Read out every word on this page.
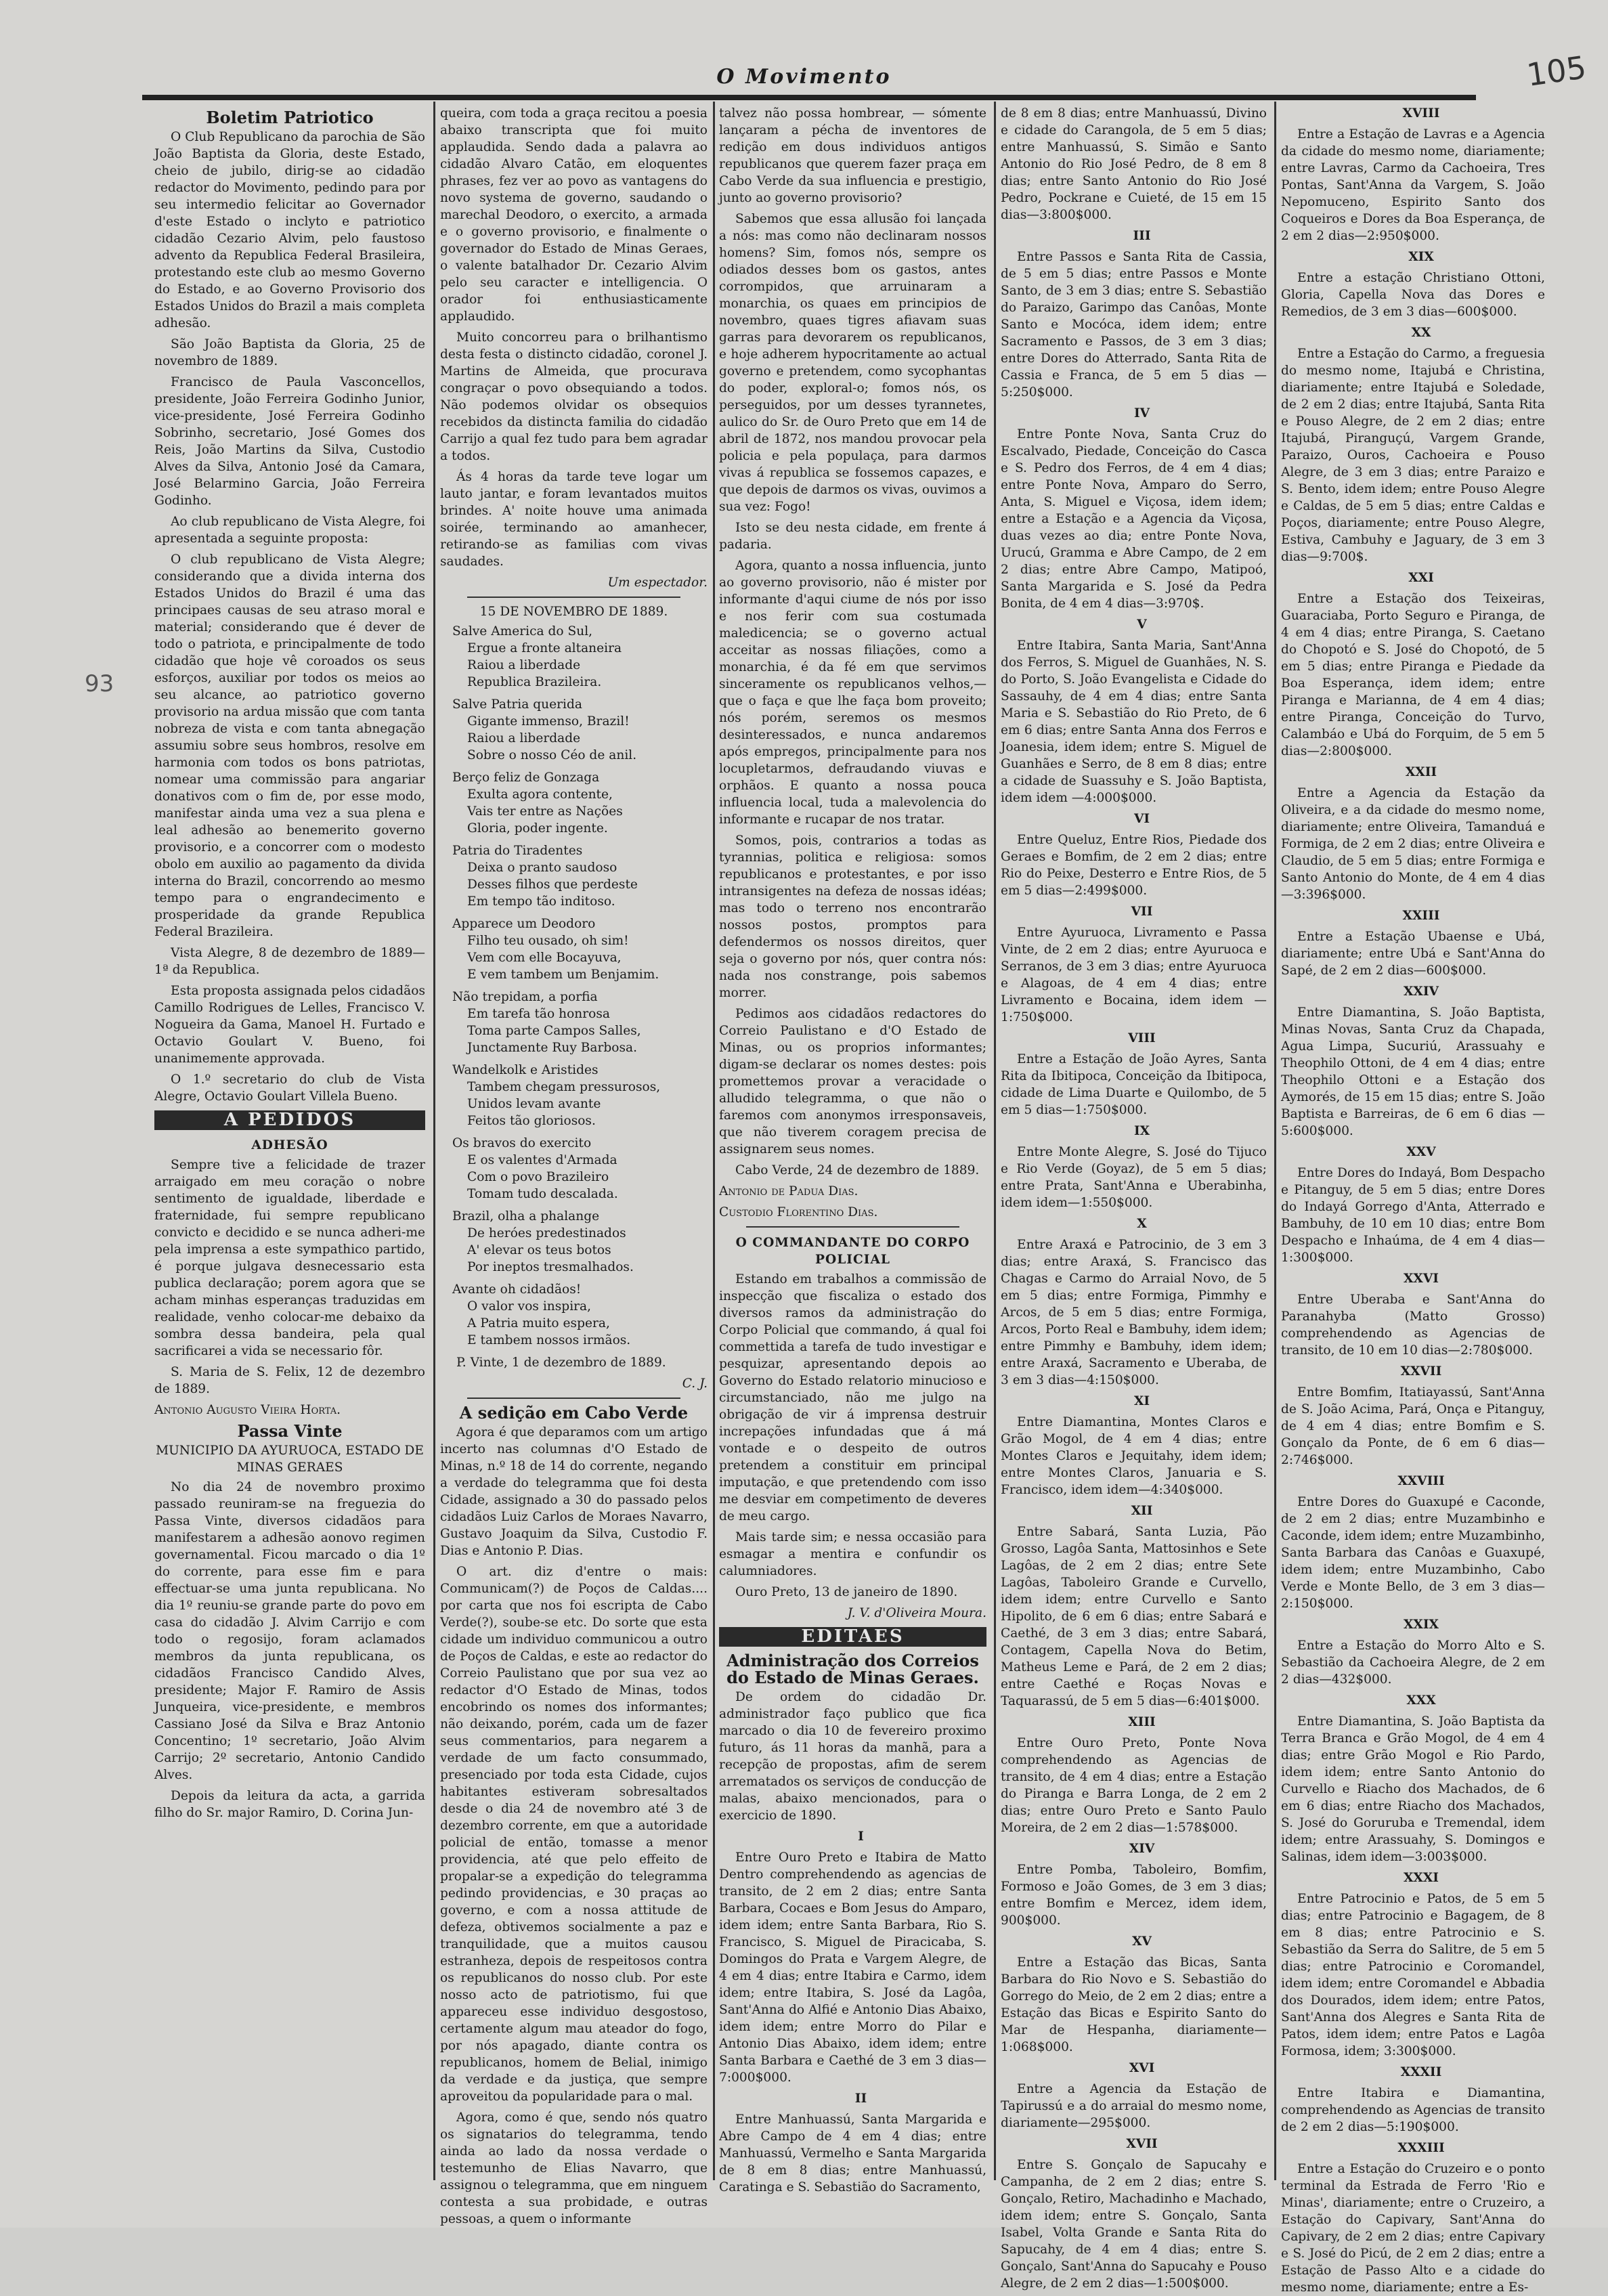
O Movimento	105
93
Boletim Patriotico

O Club Republicano da parochia de São João Baptista da Gloria, deste Estado, cheio de jubilo, dirig-se ao cidadão redactor do Movimento, pedindo para por seu intermedio felicitar ao Governador d'este Estado o inclyto e patriotico cidadão Cezario Alvim, pelo faustoso advento da Republica Federal Brasileira, protestando este club ao mesmo Governo do Estado, e ao Governo Provisorio dos Estados Unidos do Brazil a mais completa adhesão.

São João Baptista da Gloria, 25 de novembro de 1889.

Francisco de Paula Vasconcellos, presidente, João Ferreira Godinho Junior, vice-presidente, José Ferreira Godinho Sobrinho, secretario, José Gomes dos Reis, João Martins da Silva, Custodio Alves da Silva, Antonio José da Camara, José Belarmino Garcia, João Ferreira Godinho.

Ao club republicano de Vista Alegre, foi apresentada a seguinte proposta:

O club republicano de Vista Alegre; considerando que a divida interna dos Estados Unidos do Brazil é uma das principaes causas de seu atraso moral e material; considerando que é dever de todo o patriota, e principalmente de todo cidadão que hoje vê coroados os seus esforços, auxiliar por todos os meios ao seu alcance, ao patriotico governo provisorio na ardua missão que com tanta nobreza de vista e com tanta abnegação assumiu sobre seus hombros, resolve em harmonia com todos os bons patriotas, nomear uma commissão para angariar donativos com o fim de, por esse modo, manifestar ainda uma vez a sua plena e leal adhesão ao benemerito governo provisorio, e a concorrer com o modesto obolo em auxilio ao pagamento da divida interna do Brazil, concorrendo ao mesmo tempo para o engrandecimento e prosperidade da grande Republica Federal Brazileira.

Vista Alegre, 8 de dezembro de 1889—1ª da Republica.

Esta proposta assignada pelos cidadãos Camillo Rodrigues de Lelles, Francisco V. Nogueira da Gama, Manoel H. Furtado e Octavio Goulart V. Bueno, foi unanimemente approvada.

O 1.º secretario do club de Vista Alegre, Octavio Goulart Villela Bueno.

A PEDIDOS
ADHESÃO

Sempre tive a felicidade de trazer arraigado em meu coração o nobre sentimento de igualdade, liberdade e fraternidade, fui sempre republicano convicto e decidido e se nunca adheri-me pela imprensa a este sympathico partido, é porque julgava desnecessario esta publica declaração; porem agora que se acham minhas esperanças traduzidas em realidade, venho colocar-me debaixo da sombra dessa bandeira, pela qual sacrificarei a vida se necessario fôr.

S. Maria de S. Felix, 12 de dezembro de 1889.

Antonio Augusto Vieira Horta.

Passa Vinte
MUNICIPIO DA AYURUOCA, ESTADO DE MINAS GERAES

No dia 24 de novembro proximo passado reuniram-se na freguezia do Passa Vinte, diversos cidadãos para manifestarem a adhesão aonovo regimen governamental. Ficou marcado o dia 1º do corrente, para esse fim e para effectuar-se uma junta republicana. No dia 1º reuniu-se grande parte do povo em casa do cidadão J. Alvim Carrijo e com todo o regosijo, foram aclamados membros da junta republicana, os cidadãos Francisco Candido Alves, presidente; Major F. Ramiro de Assis Junqueira, vice-presidente, e membros Cassiano José da Silva e Braz Antonio Concentino; 1º secretario, João Alvim Carrijo; 2º secretario, Antonio Candido Alves.

Depois da leitura da acta, a garrida filho do Sr. major Ramiro, D. Corina Jun-

queira, com toda a graça recitou a poesia abaixo transcripta que foi muito applaudida. Sendo dada a palavra ao cidadão Alvaro Catão, em eloquentes phrases, fez ver ao povo as vantagens do novo systema de governo, saudando o marechal Deodoro, o exercito, a armada e o governo provisorio, e finalmente o governador do Estado de Minas Geraes, o valente batalhador Dr. Cezario Alvim pelo seu caracter e intelligencia. O orador foi enthusiasticamente applaudido.

Muito concorreu para o brilhantismo desta festa o distincto cidadão, coronel J. Martins de Almeida, que procurava congraçar o povo obsequiando a todos. Não podemos olvidar os obsequios recebidos da distincta familia do cidadão Carrijo a qual fez tudo para bem agradar a todos.

Ás 4 horas da tarde teve logar um lauto jantar, e foram levantados muitos brindes. A' noite houve uma animada soirée, terminando ao amanhecer, retirando-se as familias com vivas saudades.

Um espectador.

15 DE NOVEMBRO DE 1889.
Salve America do Sul,
Ergue a fronte altaneira
Raiou a liberdade
Republica Brazileira.
Salve Patria querida
Gigante immenso, Brazil!
Raiou a liberdade
Sobre o nosso Céo de anil.
Berço feliz de Gonzaga
Exulta agora contente,
Vais ter entre as Nações
Gloria, poder ingente.
Patria do Tiradentes
Deixa o pranto saudoso
Desses filhos que perdeste
Em tempo tão inditoso.
Apparece um Deodoro
Filho teu ousado, oh sim!
Vem com elle Bocayuva,
E vem tambem um Benjamim.
Não trepidam, a porfia
Em tarefa tão honrosa
Toma parte Campos Salles,
Junctamente Ruy Barbosa.
Wandelkolk e Aristides
Tambem chegam pressurosos,
Unidos levam avante
Feitos tão gloriosos.
Os bravos do exercito
E os valentes d'Armada
Com o povo Brazileiro
Tomam tudo descalada.
Brazil, olha a phalange
De heróes predestinados
A' elevar os teus botos
Por ineptos tresmalhados.
Avante oh cidadãos!
O valor vos inspira,
A Patria muito espera,
E tambem nossos irmãos.

P. Vinte, 1 de dezembro de 1889.

C. J.

A sedição em Cabo Verde

Agora é que deparamos com um artigo incerto nas columnas d'O Estado de Minas, n.º 18 de 14 do corrente, negando a verdade do telegramma que foi desta Cidade, assignado a 30 do passado pelos cidadãos Luiz Carlos de Moraes Navarro, Gustavo Joaquim da Silva, Custodio F. Dias e Antonio P. Dias.

O art. diz d'entre o mais: Communicam(?) de Poços de Caldas.... por carta que nos foi escripta de Cabo Verde(?), soube-se etc. Do sorte que esta cidade um individuo communicou a outro de Poços de Caldas, e este ao redactor do Correio Paulistano que por sua vez ao redactor d'O Estado de Minas, todos encobrindo os nomes dos informantes; não deixando, porém, cada um de fazer seus commentarios, para negarem a verdade de um facto consummado, presenciado por toda esta Cidade, cujos habitantes estiveram sobresaltados desde o dia 24 de novembro até 3 de dezembro corrente, em que a autoridade policial de então, tomasse a menor providencia, até que pelo effeito de propalar-se a expedição do telegramma pedindo providencias, e 30 praças ao governo, e com a nossa attitude de defeza, obtivemos socialmente a paz e tranquilidade, que a muitos causou estranheza, depois de respeitosos contra os republicanos do nosso club. Por este nosso acto de patriotismo, fui que appareceu esse individuo desgostoso, certamente algum mau ateador do fogo, por nós apagado, diante contra os republicanos, homem de Belial, inimigo da verdade e da justiça, que sempre aproveitou da popularidade para o mal.

Agora, como é que, sendo nós quatro os signatarios do telegramma, tendo ainda ao lado da nossa verdade o testemunho de Elias Navarro, que assignou o telegramma, que em ninguem contesta a sua probidade, e outras pessoas, a quem o informante

talvez não possa hombrear, — sómente lançaram a pécha de inventores de redição em dous individuos antigos republicanos que querem fazer praça em Cabo Verde da sua influencia e prestigio, junto ao governo provisorio?

Sabemos que essa allusão foi lançada a nós: mas como não declinaram nossos homens? Sim, fomos nós, sempre os odiados desses bom os gastos, antes corrompidos, que arruinaram a monarchia, os quaes em principios de novembro, quaes tigres afiavam suas garras para devorarem os republicanos, e hoje adherem hypocritamente ao actual governo e pretendem, como sycophantas do poder, exploral-o; fomos nós, os perseguidos, por um desses tyrannetes, aulico do Sr. de Ouro Preto que em 14 de abril de 1872, nos mandou provocar pela policia e pela populaça, para darmos vivas á republica se fossemos capazes, e que depois de darmos os vivas, ouvimos a sua vez: Fogo!

Isto se deu nesta cidade, em frente á padaria.

Agora, quanto a nossa influencia, junto ao governo provisorio, não é mister por informante d'aqui ciume de nós por isso e nos ferir com sua costumada maledicencia; se o governo actual acceitar as nossas filiações, como a monarchia, é da fé em que servimos sinceramente os republicanos velhos,— que o faça e que lhe faça bom proveito; nós porém, seremos os mesmos desinteressados, e nunca andaremos após empregos, principalmente para nos locupletarmos, defraudando viuvas e orphãos. E quanto a nossa pouca influencia local, tuda a malevolencia do informante e rucapar de nos tratar.

Somos, pois, contrarios a todas as tyrannias, politica e religiosa: somos republicanos e protestantes, e por isso intransigentes na defeza de nossas idéas; mas todo o terreno nos encontrarão nossos postos, promptos para defendermos os nossos direitos, quer seja o governo por nós, quer contra nós: nada nos constrange, pois sabemos morrer.

Pedimos aos cidadãos redactores do Correio Paulistano e d'O Estado de Minas, ou os proprios informantes; digam-se declarar os nomes destes: pois promettemos provar a veracidade o alludido telegramma, o que não o faremos com anonymos irresponsaveis, que não tiverem coragem precisa de assignarem seus nomes.

Cabo Verde, 24 de dezembro de 1889.

Antonio de Padua Dias.

Custodio Florentino Dias.

O COMMANDANTE DO CORPO POLICIAL

Estando em trabalhos a commissão de inspecção que fiscaliza o estado dos diversos ramos da administração do Corpo Policial que commando, á qual foi commettida a tarefa de tudo investigar e pesquizar, apresentando depois ao Governo do Estado relatorio minucioso e circumstanciado, não me julgo na obrigação de vir á imprensa destruir increpações infundadas que á má vontade e o despeito de outros pretendem a constituir em principal imputação, e que pretendendo com isso me desviar em competimento de deveres de meu cargo.

Mais tarde sim; e nessa occasião para esmagar a mentira e confundir os calumniadores.

Ouro Preto, 13 de janeiro de 1890.

J. V. d'Oliveira Moura.

EDITAES
Administração dos Correios do Estado de Minas Geraes.

De ordem do cidadão Dr. administrador faço publico que fica marcado o dia 10 de fevereiro proximo futuro, ás 11 horas da manhã, para a recepção de propostas, afim de serem arrematados os serviços de conducção de malas, abaixo mencionados, para o exercicio de 1890.

I

Entre Ouro Preto e Itabira de Matto Dentro comprehendendo as agencias de transito, de 2 em 2 dias; entre Santa Barbara, Cocaes e Bom Jesus do Amparo, idem idem; entre Santa Barbara, Rio S. Francisco, S. Miguel de Piracicaba, S. Domingos do Prata e Vargem Alegre, de 4 em 4 dias; entre Itabira e Carmo, idem idem; entre Itabira, S. José da Lagôa, Sant'Anna do Alfié e Antonio Dias Abaixo, idem idem; entre Morro do Pilar e Antonio Dias Abaixo, idem idem; entre Santa Barbara e Caethé de 3 em 3 dias—7:000$000.

II

Entre Manhuassú, Santa Margarida e Abre Campo de 4 em 4 dias; entre Manhuassú, Vermelho e Santa Margarida de 8 em 8 dias; entre Manhuassú, Caratinga e S. Sebastião do Sacramento,

de 8 em 8 dias; entre Manhuassú, Divino e cidade do Carangola, de 5 em 5 dias; entre Manhuassú, S. Simão e Santo Antonio do Rio José Pedro, de 8 em 8 dias; entre Santo Antonio do Rio José Pedro, Pockrane e Cuieté, de 15 em 15 dias—3:800$000.

III

Entre Passos e Santa Rita de Cassia, de 5 em 5 dias; entre Passos e Monte Santo, de 3 em 3 dias; entre S. Sebastião do Paraizo, Garimpo das Canôas, Monte Santo e Mocóca, idem idem; entre Sacramento e Passos, de 3 em 3 dias; entre Dores do Atterrado, Santa Rita de Cassia e Franca, de 5 em 5 dias —5:250$000.

IV

Entre Ponte Nova, Santa Cruz do Escalvado, Piedade, Conceição do Casca e S. Pedro dos Ferros, de 4 em 4 dias; entre Ponte Nova, Amparo do Serro, Anta, S. Miguel e Viçosa, idem idem; entre a Estação e a Agencia da Viçosa, duas vezes ao dia; entre Ponte Nova, Urucú, Gramma e Abre Campo, de 2 em 2 dias; entre Abre Campo, Matipoó, Santa Margarida e S. José da Pedra Bonita, de 4 em 4 dias—3:970$.

V

Entre Itabira, Santa Maria, Sant'Anna dos Ferros, S. Miguel de Guanhães, N. S. do Porto, S. João Evangelista e Cidade do Sassauhy, de 4 em 4 dias; entre Santa Maria e S. Sebastião do Rio Preto, de 6 em 6 dias; entre Santa Anna dos Ferros e Joanesia, idem idem; entre S. Miguel de Guanhães e Serro, de 8 em 8 dias; entre a cidade de Suassuhy e S. João Baptista, idem idem —4:000$000.

VI

Entre Queluz, Entre Rios, Piedade dos Geraes e Bomfim, de 2 em 2 dias; entre Rio do Peixe, Desterro e Entre Rios, de 5 em 5 dias—2:499$000.

VII

Entre Ayuruoca, Livramento e Passa Vinte, de 2 em 2 dias; entre Ayuruoca e Serranos, de 3 em 3 dias; entre Ayuruoca e Alagoas, de 4 em 4 dias; entre Livramento e Bocaina, idem idem —1:750$000.

VIII

Entre a Estação de João Ayres, Santa Rita da Ibitipoca, Conceição da Ibitipoca, cidade de Lima Duarte e Quilombo, de 5 em 5 dias—1:750$000.

IX

Entre Monte Alegre, S. José do Tijuco e Rio Verde (Goyaz), de 5 em 5 dias; entre Prata, Sant'Anna e Uberabinha, idem idem—1:550$000.

X

Entre Araxá e Patrocinio, de 3 em 3 dias; entre Araxá, S. Francisco das Chagas e Carmo do Arraial Novo, de 5 em 5 dias; entre Formiga, Pimmhy e Arcos, de 5 em 5 dias; entre Formiga, Arcos, Porto Real e Bambuhy, idem idem; entre Pimmhy e Bambuhy, idem idem; entre Araxá, Sacramento e Uberaba, de 3 em 3 dias—4:150$000.

XI

Entre Diamantina, Montes Claros e Grão Mogol, de 4 em 4 dias; entre Montes Claros e Jequitahy, idem idem; entre Montes Claros, Januaria e S. Francisco, idem idem—4:340$000.

XII

Entre Sabará, Santa Luzia, Pão Grosso, Lagôa Santa, Mattosinhos e Sete Lagôas, de 2 em 2 dias; entre Sete Lagôas, Taboleiro Grande e Curvello, idem idem; entre Curvello e Santo Hipolito, de 6 em 6 dias; entre Sabará e Caethé, de 3 em 3 dias; entre Sabará, Contagem, Capella Nova do Betim, Matheus Leme e Pará, de 2 em 2 dias; entre Caethé e Roças Novas e Taquarassú, de 5 em 5 dias—6:401$000.

XIII

Entre Ouro Preto, Ponte Nova comprehendendo as Agencias de transito, de 4 em 4 dias; entre a Estação do Piranga e Barra Longa, de 2 em 2 dias; entre Ouro Preto e Santo Paulo Moreira, de 2 em 2 dias—1:578$000.

XIV

Entre Pomba, Taboleiro, Bomfim, Formoso e João Gomes, de 3 em 3 dias; entre Bomfim e Mercez, idem idem, 900$000.

XV

Entre a Estação das Bicas, Santa Barbara do Rio Novo e S. Sebastião do Gorrego do Meio, de 2 em 2 dias; entre a Estação das Bicas e Espirito Santo do Mar de Hespanha, diariamente—1:068$000.

XVI

Entre a Agencia da Estação de Tapirussú e a do arraial do mesmo nome, diariamente—295$000.

XVII

Entre S. Gonçalo de Sapucahy e Campanha, de 2 em 2 dias; entre S. Gonçalo, Retiro, Machadinho e Machado, idem idem; entre S. Gonçalo, Santa Isabel, Volta Grande e Santa Rita do Sapucahy, de 4 em 4 dias; entre S. Gonçalo, Sant'Anna do Sapucahy e Pouso Alegre, de 2 em 2 dias—1:500$000.

XVIII

Entre a Estação de Lavras e a Agencia da cidade do mesmo nome, diariamente; entre Lavras, Carmo da Cachoeira, Tres Pontas, Sant'Anna da Vargem, S. João Nepomuceno, Espirito Santo dos Coqueiros e Dores da Boa Esperança, de 2 em 2 dias—2:950$000.

XIX

Entre a estação Christiano Ottoni, Gloria, Capella Nova das Dores e Remedios, de 3 em 3 dias—600$000.

XX

Entre a Estação do Carmo, a freguesia do mesmo nome, Itajubá e Christina, diariamente; entre Itajubá e Soledade, de 2 em 2 dias; entre Itajubá, Santa Rita e Pouso Alegre, de 2 em 2 dias; entre Itajubá, Piranguçú, Vargem Grande, Paraizo, Ouros, Cachoeira e Pouso Alegre, de 3 em 3 dias; entre Paraizo e S. Bento, idem idem; entre Pouso Alegre e Caldas, de 5 em 5 dias; entre Caldas e Poços, diariamente; entre Pouso Alegre, Estiva, Cambuhy e Jaguary, de 3 em 3 dias—9:700$.

XXI

Entre a Estação dos Teixeiras, Guaraciaba, Porto Seguro e Piranga, de 4 em 4 dias; entre Piranga, S. Caetano do Chopotó e S. José do Chopotó, de 5 em 5 dias; entre Piranga e Piedade da Boa Esperança, idem idem; entre Piranga e Marianna, de 4 em 4 dias; entre Piranga, Conceição do Turvo, Calambáo e Ubá do Forquim, de 5 em 5 dias—2:800$000.

XXII

Entre a Agencia da Estação da Oliveira, e a da cidade do mesmo nome, diariamente; entre Oliveira, Tamanduá e Formiga, de 2 em 2 dias; entre Oliveira e Claudio, de 5 em 5 dias; entre Formiga e Santo Antonio do Monte, de 4 em 4 dias—3:396$000.

XXIII

Entre a Estação Ubaense e Ubá, diariamente; entre Ubá e Sant'Anna do Sapé, de 2 em 2 dias—600$000.

XXIV

Entre Diamantina, S. João Baptista, Minas Novas, Santa Cruz da Chapada, Agua Limpa, Sucuriú, Arassuahy e Theophilo Ottoni, de 4 em 4 dias; entre Theophilo Ottoni e a Estação dos Aymorés, de 15 em 15 dias; entre S. João Baptista e Barreiras, de 6 em 6 dias —5:600$000.

XXV

Entre Dores do Indayá, Bom Despacho e Pitanguy, de 5 em 5 dias; entre Dores do Indayá Gorrego d'Anta, Atterrado e Bambuhy, de 10 em 10 dias; entre Bom Despacho e Inhaúma, de 4 em 4 dias—1:300$000.

XXVI

Entre Uberaba e Sant'Anna do Paranahyba (Matto Grosso) comprehendendo as Agencias de transito, de 10 em 10 dias—2:780$000.

XXVII

Entre Bomfim, Itatiayassú, Sant'Anna de S. João Acima, Pará, Onça e Pitanguy, de 4 em 4 dias; entre Bomfim e S. Gonçalo da Ponte, de 6 em 6 dias—2:746$000.

XXVIII

Entre Dores do Guaxupé e Caconde, de 2 em 2 dias; entre Muzambinho e Caconde, idem idem; entre Muzambinho, Santa Barbara das Canôas e Guaxupé, idem idem; entre Muzambinho, Cabo Verde e Monte Bello, de 3 em 3 dias—2:150$000.

XXIX

Entre a Estação do Morro Alto e S. Sebastião da Cachoeira Alegre, de 2 em 2 dias—432$000.

XXX

Entre Diamantina, S. João Baptista da Terra Branca e Grão Mogol, de 4 em 4 dias; entre Grão Mogol e Rio Pardo, idem idem; entre Santo Antonio do Curvello e Riacho dos Machados, de 6 em 6 dias; entre Riacho dos Machados, S. José do Goruruba e Tremendal, idem idem; entre Arassuahy, S. Domingos e Salinas, idem idem—3:003$000.

XXXI

Entre Patrocinio e Patos, de 5 em 5 dias; entre Patrocinio e Bagagem, de 8 em 8 dias; entre Patrocinio e S. Sebastião da Serra do Salitre, de 5 em 5 dias; entre Patrocinio e Coromandel, idem idem; entre Coromandel e Abbadia dos Dourados, idem idem; entre Patos, Sant'Anna dos Alegres e Santa Rita de Patos, idem idem; entre Patos e Lagôa Formosa, idem; 3:300$000.

XXXII

Entre Itabira e Diamantina, comprehendendo as Agencias de transito de 2 em 2 dias—5:190$000.

XXXIII

Entre a Estação do Cruzeiro e o ponto terminal da Estrada de Ferro 'Rio e Minas', diariamente; entre o Cruzeiro, a Estação do Capivary, Sant'Anna do Capivary, de 2 em 2 dias; entre Capivary e S. José do Picú, de 2 em 2 dias; entre a Estação de Passo Alto e a cidade do mesmo nome, diariamente; entre a Es-
